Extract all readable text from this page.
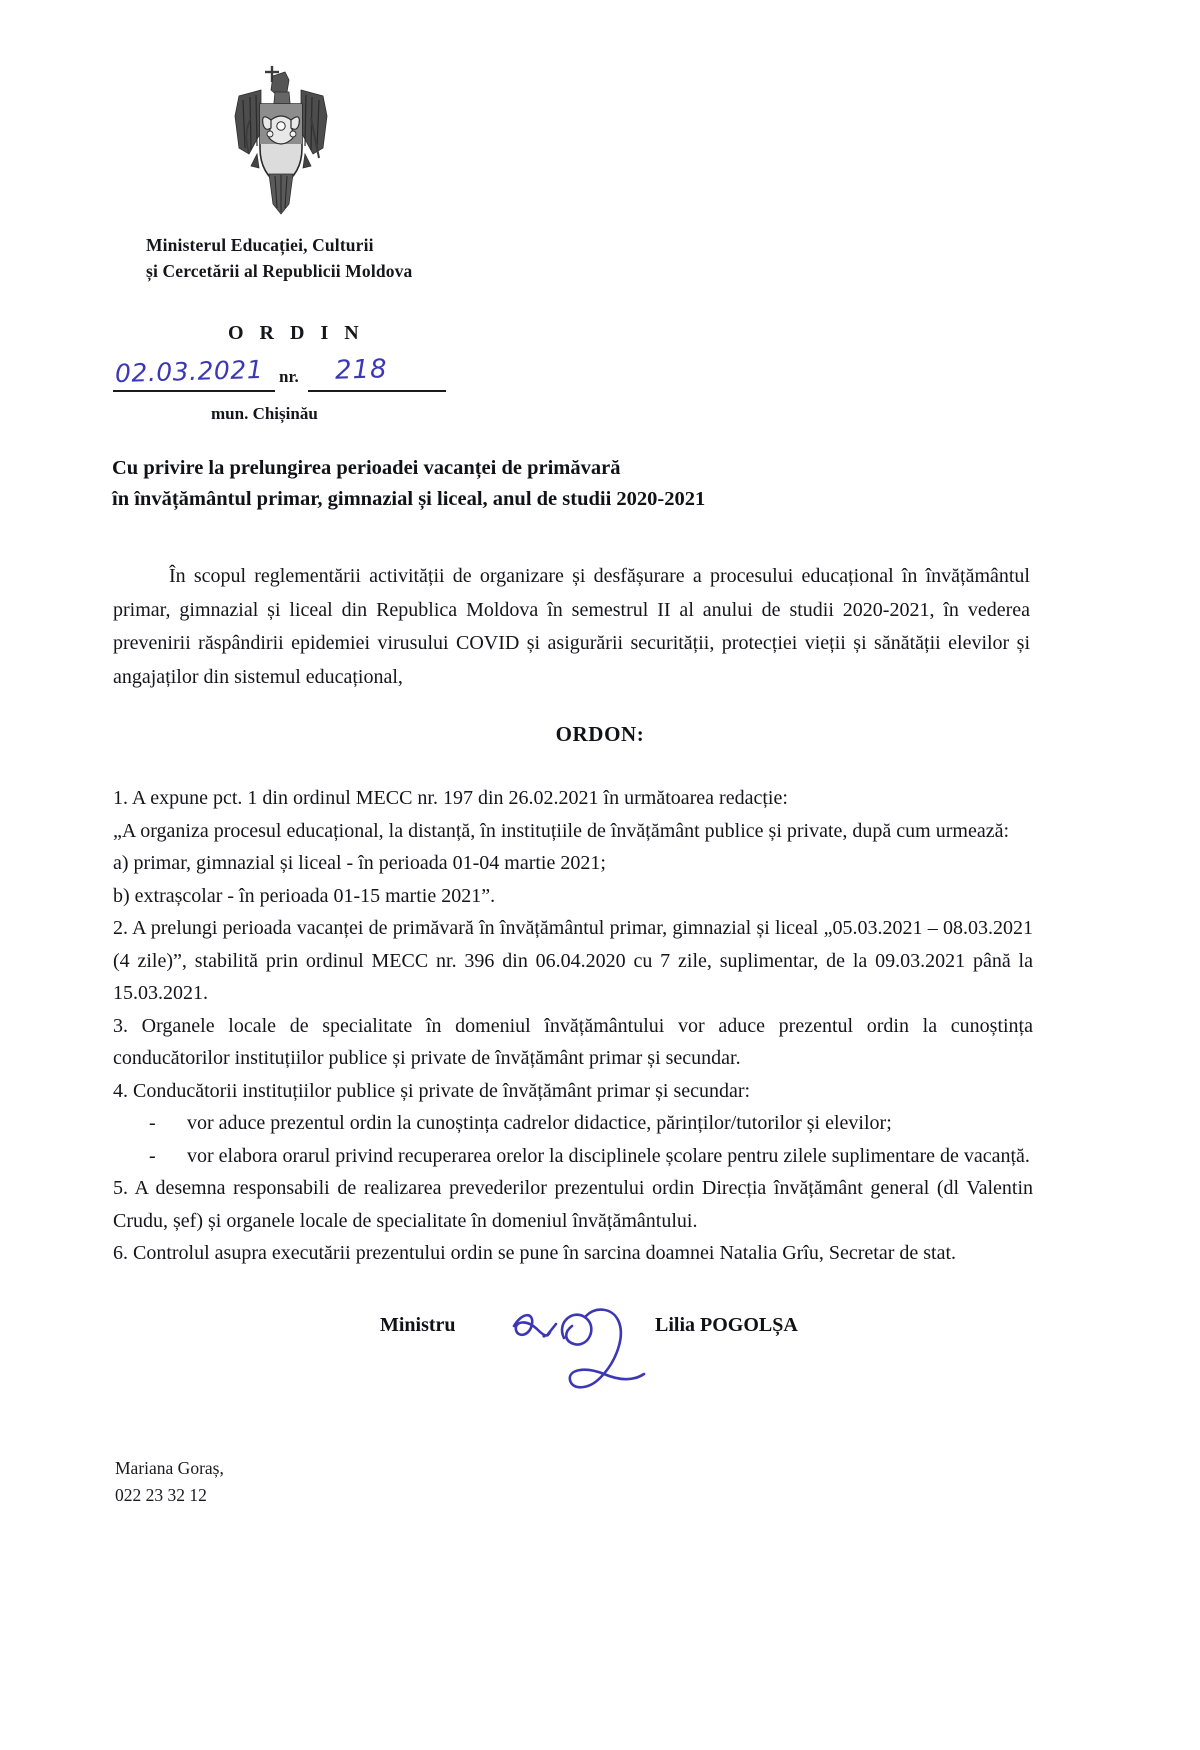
Ministerul Educației, Culturii
și Cercetării al Republicii Moldova
O R D I N
02.03.2021 nr. 218
mun. Chișinău
Cu privire la prelungirea perioadei vacanței de primăvară
în învățământul primar, gimnazial și liceal, anul de studii 2020-2021
În scopul reglementării activității de organizare și desfășurare a procesului educațional în învățământul primar, gimnazial și liceal din Republica Moldova în semestrul II al anului de studii 2020-2021, în vederea prevenirii răspândirii epidemiei virusului COVID și asigurării securității, protecției vieții și sănătății elevilor și angajaților din sistemul educațional,
ORDON:

1. A expune pct. 1 din ordinul MECC nr. 197 din 26.02.2021 în următoarea redacție:

„A organiza procesul educațional, la distanță, în instituțiile de învățământ publice și private, după cum urmează:

a) primar, gimnazial și liceal - în perioada 01-04 martie 2021;

b) extrașcolar - în perioada 01-15 martie 2021”.

2. A prelungi perioada vacanței de primăvară în învățământul primar, gimnazial și liceal „05.03.2021 – 08.03.2021 (4 zile)”, stabilită prin ordinul MECC nr. 396 din 06.04.2020 cu 7 zile, suplimentar, de la 09.03.2021 până la 15.03.2021.

3. Organele locale de specialitate în domeniul învățământului vor aduce prezentul ordin la cunoștința conducătorilor instituțiilor publice și private de învățământ primar și secundar.

4. Conducătorii instituțiilor publice și private de învățământ primar și secundar:

- vor aduce prezentul ordin la cunoștința cadrelor didactice, părinților/tutorilor și elevilor;
- vor elabora orarul privind recuperarea orelor la disciplinele școlare pentru zilele suplimentare de vacanță.

5. A desemna responsabili de realizarea prevederilor prezentului ordin Direcția învățământ general (dl Valentin Crudu, șef) și organele locale de specialitate în domeniul învățământului.

6. Controlul asupra executării prezentului ordin se pune în sarcina doamnei Natalia Grîu, Secretar de stat.

Ministru	Lilia POGOLȘA
Mariana Goraș,
022 23 32 12
